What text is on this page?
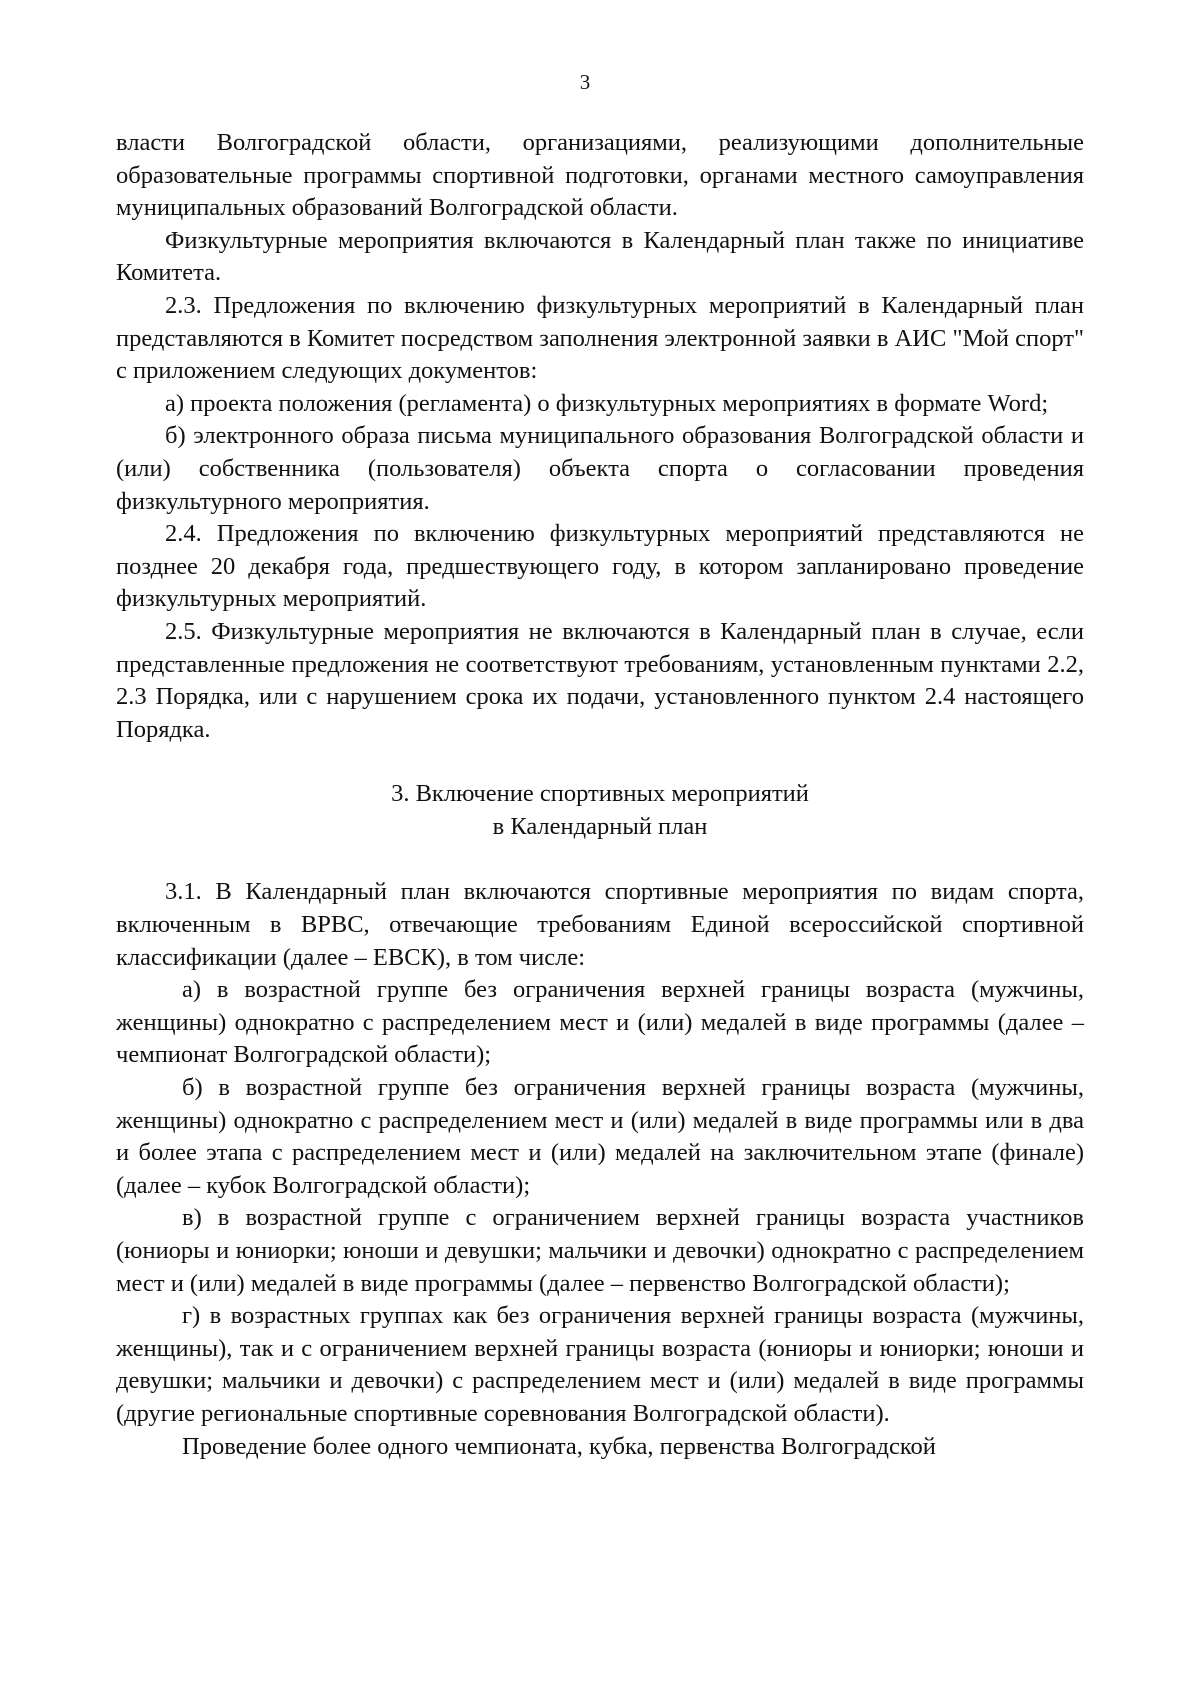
3

власти Волгоградской области, организациями, реализующими дополнительные образовательные программы спортивной подготовки, органами местного самоуправления муниципальных образований Волгоградской области.

Физкультурные мероприятия включаются в Календарный план также по инициативе Комитета.

2.3. Предложения по включению физкультурных мероприятий в Календарный план представляются в Комитет посредством заполнения электронной заявки в АИС "Мой спорт" с приложением следующих документов:

а) проекта положения (регламента) о физкультурных мероприятиях в формате Word;

б) электронного образа письма муниципального образования Волгоградской области и (или) собственника (пользователя) объекта спорта о согласовании проведения физкультурного мероприятия.

2.4. Предложения по включению физкультурных мероприятий представляются не позднее 20 декабря года, предшествующего году, в котором запланировано проведение физкультурных мероприятий.

2.5. Физкультурные мероприятия не включаются в Календарный план в случае, если представленные предложения не соответствуют требованиям, установленным пунктами 2.2, 2.3 Порядка, или с нарушением срока их подачи, установленного пунктом 2.4 настоящего Порядка.

3. Включение спортивных мероприятий
в Календарный план

3.1. В Календарный план включаются спортивные мероприятия по видам спорта, включенным в ВРВС, отвечающие требованиям Единой всероссийской спортивной классификации (далее – ЕВСК), в том числе:

а) в возрастной группе без ограничения верхней границы возраста (мужчины, женщины) однократно с распределением мест и (или) медалей в виде программы (далее – чемпионат Волгоградской области);

б) в возрастной группе без ограничения верхней границы возраста (мужчины, женщины) однократно с распределением мест и (или) медалей в виде программы или в два и более этапа с распределением мест и (или) медалей на заключительном этапе (финале) (далее – кубок Волгоградской области);

в) в возрастной группе с ограничением верхней границы возраста участников (юниоры и юниорки; юноши и девушки; мальчики и девочки) однократно с распределением мест и (или) медалей в виде программы (далее – первенство Волгоградской области);

г) в возрастных группах как без ограничения верхней границы возраста (мужчины, женщины), так и с ограничением верхней границы возраста (юниоры и юниорки; юноши и девушки; мальчики и девочки) с распределением мест и (или) медалей в виде программы (другие региональные спортивные соревнования Волгоградской области).

Проведение более одного чемпионата, кубка, первенства Волгоградской
